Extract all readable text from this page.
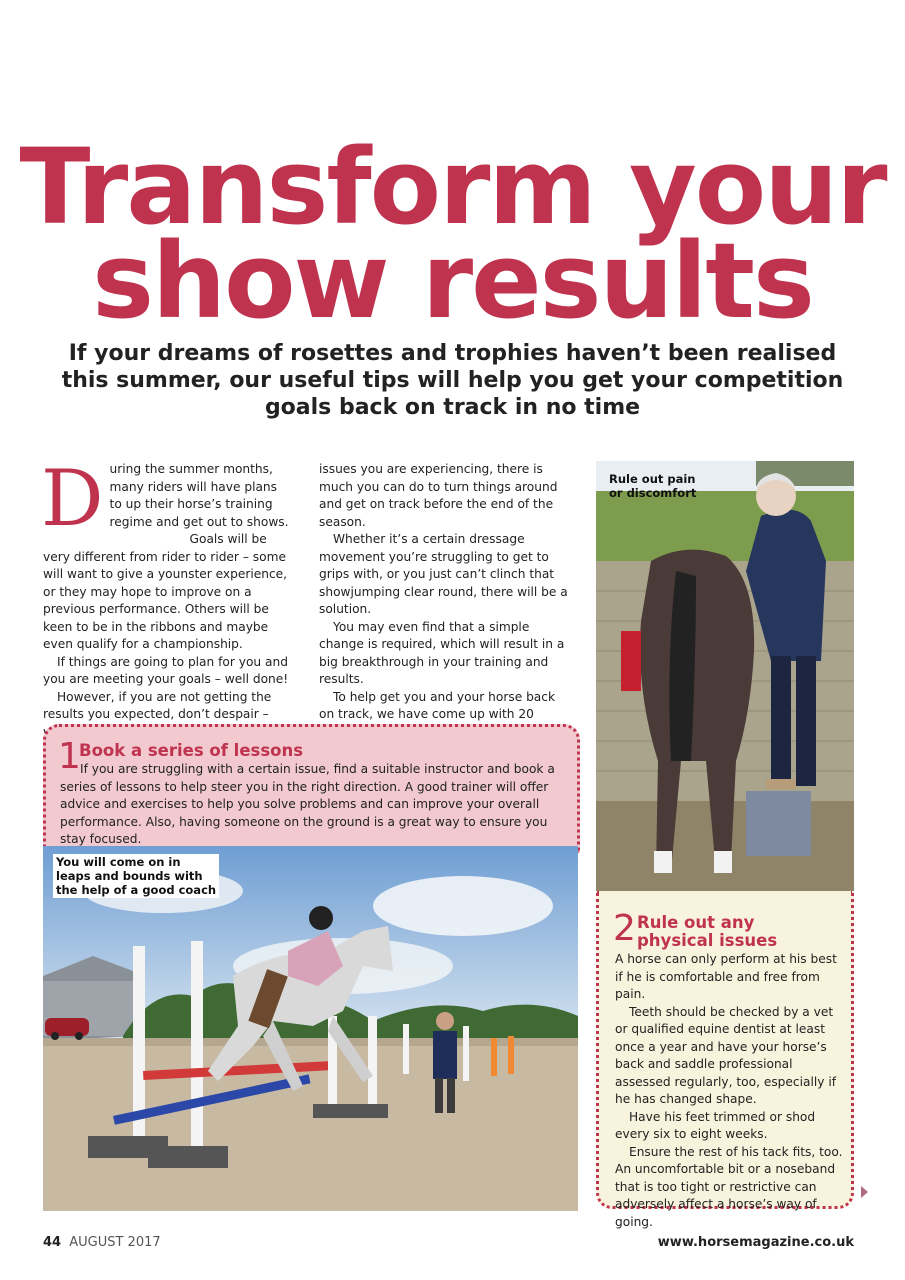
Transform your
show results

If your dreams of rosettes and trophies haven’t been realised this summer, our useful tips will help you get your competition goals back on track in no time

D uring the summer months, many riders will have plans to up their horse’s training regime and get out to shows.

Goals will be very different from rider to rider – some will want to give a younster experience, or they may hope to improve on a previous performance. Others will be keen to be in the ribbons and maybe even qualify for a championship.

If things are going to plan for you and you are meeting your goals – well done!

However, if you are not getting the results you expected, don’t despair –

issues you are experiencing, there is much you can do to turn things around and get on track before the end of the season.

Whether it’s a certain dressage movement you’re struggling to get to grips with, or you just can’t clinch that showjumping clear round, there will be a solution.

You may even find that a simple change is required, which will result in a big breakthrough in your training and results.

To help get you and your horse back on track, we have come up with 20

1
Book a series of lessons

If you are struggling with a certain issue, find a suitable instructor and book a series of lessons to help steer you in the right direction. A good trainer will offer advice and exercises to help you solve problems and can improve your overall performance. Also, having someone on the ground is a great way to ensure you stay focused.

You will come on in
leaps and bounds with
the help of a good coach
Rule out pain
or discomfort
2 Rule out any
physical issues

A horse can only perform at his best if he is comfortable and free from pain.

Teeth should be checked by a vet or qualified equine dentist at least once a year and have your horse’s back and saddle professional assessed regularly, too, especially if he has changed shape.

Have his feet trimmed or shod every six to eight weeks.

Ensure the rest of his tack fits, too. An uncomfortable bit or a noseband that is too tight or restrictive can adversely affect a horse’s way of going.

44 AUGUST 2017	www.horsemagazine.co.uk
